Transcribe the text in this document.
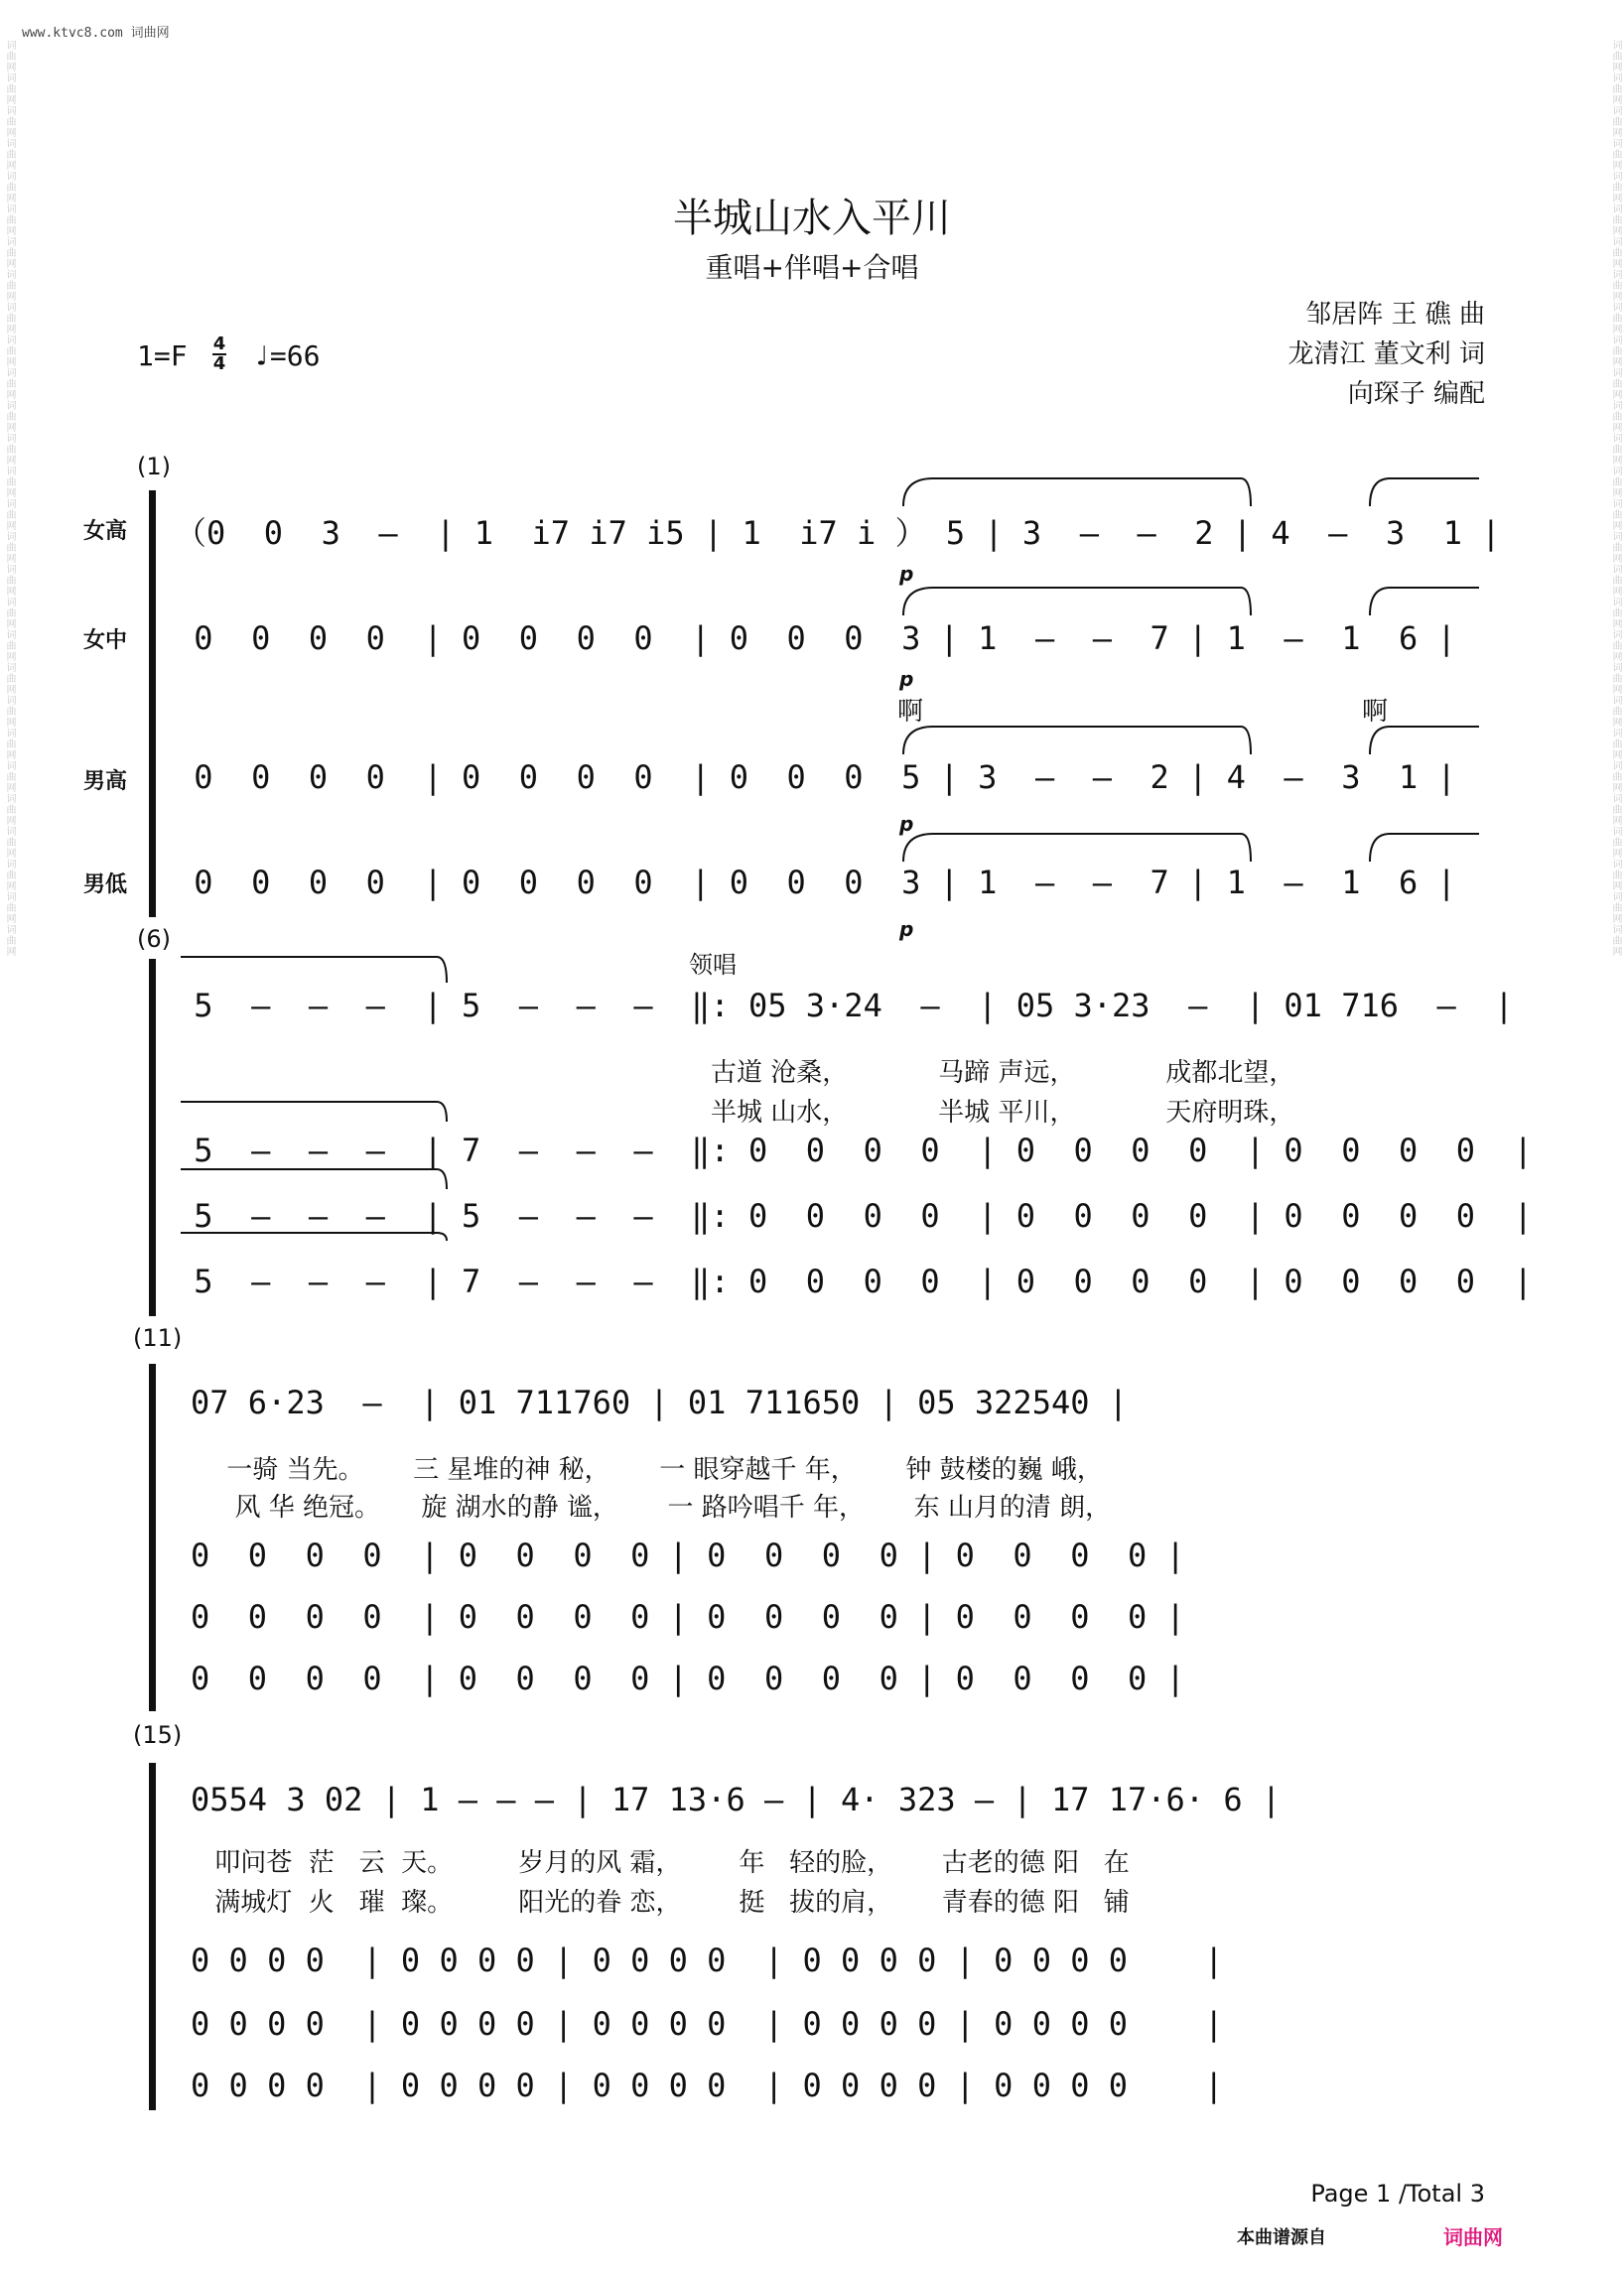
www.ktvc8.com 词曲网
词曲网词曲网词曲网词曲网词曲网词曲网词曲网词曲网词曲网词曲网词曲网词曲网词曲网词曲网词曲网词曲网词曲网词曲网词曲网词曲网词曲网词曲网词曲网词曲网词曲网词曲网词曲网词曲网	词曲网词曲网词曲网词曲网词曲网词曲网词曲网词曲网词曲网词曲网词曲网词曲网词曲网词曲网词曲网词曲网词曲网词曲网词曲网词曲网词曲网词曲网词曲网词曲网词曲网词曲网词曲网词曲网
半城山水入平川
重唱+伴唱+合唱
邹居阵 王 礁 曲
龙清江 董文利 词
向琛子 编配
1=F 4
4 ♩=66
(1)
女高
女中
男高
男低
（0  0  3  –  | 1  i7 i7 i5 | 1  i7 i ） 5 | 3  –  –  2 | 4  –  3  1 |
0  0  0  0  | 0  0  0  0  | 0  0  0  3 | 1  –  –  7 | 1  –  1  6 |
0  0  0  0  | 0  0  0  0  | 0  0  0  5 | 3  –  –  2 | 4  –  3  1 |
0  0  0  0  | 0  0  0  0  | 0  0  0  3 | 1  –  –  7 | 1  –  1  6 |
p
p
p
p
啊	啊
(6)
领唱
5  –  –  –  | 5  –  –  –  ‖: 05 3·24  –  | 05 3·23  –  | 01 716  –  |
古道 沧桑，           马蹄 声远，           成都北望，
半城 山水，           半城 平川，           天府明珠，
5  –  –  –  | 7  –  –  –  ‖: 0  0  0  0  | 0  0  0  0  | 0  0  0  0  |
5  –  –  –  | 5  –  –  –  ‖: 0  0  0  0  | 0  0  0  0  | 0  0  0  0  |
5  –  –  –  | 7  –  –  –  ‖: 0  0  0  0  | 0  0  0  0  | 0  0  0  0  |
(11)
07 6·23  –  | 01 711760 | 01 711650 | 05 322540 |
一骑 当先。      三 星堆的神 秘，      一 眼穿越千 年，      钟 鼓楼的巍 峨，
风 华 绝冠。     旋 湖水的静 谧，      一 路吟唱千 年，      东 山月的清 朗，
0  0  0  0  | 0  0  0  0 | 0  0  0  0 | 0  0  0  0 |
0  0  0  0  | 0  0  0  0 | 0  0  0  0 | 0  0  0  0 |
0  0  0  0  | 0  0  0  0 | 0  0  0  0 | 0  0  0  0 |
(15)
0554 3 02 | 1 – – – | 17 13·6 – | 4· 323 – | 17 17·6· 6 |
叩问苍  茫   云  天。        岁月的风 霜，       年   轻的脸，      古老的德 阳   在
满城灯  火   璀  璨。        阳光的眷 恋，       挺   拔的肩，      青春的德 阳   铺
0 0 0 0  | 0 0 0 0 | 0 0 0 0  | 0 0 0 0 | 0 0 0 0    |
0 0 0 0  | 0 0 0 0 | 0 0 0 0  | 0 0 0 0 | 0 0 0 0    |
0 0 0 0  | 0 0 0 0 | 0 0 0 0  | 0 0 0 0 | 0 0 0 0    |
Page 1 /Total 3
本曲谱源自	词曲网
